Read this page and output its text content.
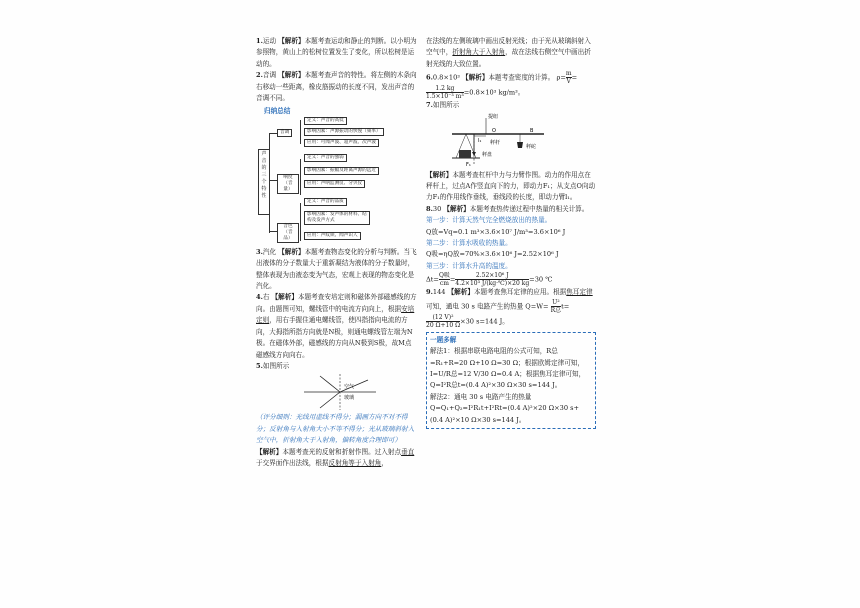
1.运动 【解析】本题考查运动和静止的判断。以小明为参照物，黄山上的松树位置发生了变化，所以松树是运动的。

2.音调 【解析】本题考查声音的特性。将左侧的木条向右移动一些距离，橡皮筋振动的长度不同，发出声音的音调不同。

归纳总结
声音的三个特性
音调
定义：声音的高低
影响因素：声源振动的快慢（频率）
应用：可闻声波、超声波、次声波
响度（音量）
定义：声音的强弱
影响因素：振幅及距离声源的远近
应用：声呐监测仪、分贝仪
音色（音品）
定义：声音的品质
影响因素：发声体的材料、结构及发声方式
应用：声纹锁、闻声识人

3.汽化 【解析】本题考查物态变化的分析与判断。当飞出液体的分子数量大于重新凝结为液体的分子数量时，整体表现为由液态变为气态，宏观上表现的物态变化是汽化。

4.右 【解析】本题考查安培定则和磁体外部磁感线的方向。由题图可知，螺线管中的电流方向向上，根据安培定则，用右手握住通电螺线管，使四指指向电流的方向，大拇指所指方向就是N极，则通电螺线管左端为N极。在磁体外部，磁感线的方向从N极到S极，故M点磁感线方向向右。

5.如图所示

空气
玻璃

（评分细则：光线用虚线不得分；漏画方向不对不得分；反射角与入射角大小不等不得分；光从玻璃斜射入空气中，折射角大于入射角，偏转角度合理即可）

【解析】本题考查光的反射和折射作图。过入射点垂直于交界面作出法线，根据反射角等于入射角，

在法线的左侧玻璃中画出反射光线；由于光从玻璃斜射入空气中，折射角大于入射角，故在法线右侧空气中画出折射光线的大致位置。

6.0.8×10³ 【解析】本题考查密度的计算。 $\rho= \frac{m}{V}$ =
$\frac{1.2 kg}{\text{1.5×10⁻³ m³}} =0.8\times 10^3$ kg/m³。

7.如图所示

提纽
O	B
秤杆
秤砣
秤盘
F₁
l₁

【解析】本题考查杠杆中力与力臂作图。动力的作用点在秤杆上，过点A作竖直向下的力，即动力F₁；从支点O向动力F₁的作用线作垂线，垂线段的长度，即动力臂l₁。

8.30 【解析】本题考查热传递过程中热量的相关计算。

第一步：计算天然气完全燃烧放出的热量。

Q放=Vq=0.1 m³×3.6×10⁷ J/m³=3.6×10⁶ J

第二步：计算水吸收的热量。

Q吸=ηQ放=70%×3.6×10⁶ J=2.52×10⁶ J

第三步：计算水升高的温度。

$\Delta t= \frac{\text{Q吸}}{cm} = \frac{\text{2.52×10⁶ J}}{\text{4.2×10³ J/(kg·℃)×20 kg}} =30$ ℃

9.144 【解析】本题考查焦耳定律的应用。根据焦耳定律可知，通电 30 s 电路产生的热量 $Q=W= \frac{\text{U²}}{\text{R总}} t=$
$\frac{\text{(12 V)²}}{20 \Omega+10 \Omega} \times 30$ s=144 J。

一题多解

解法1：根据串联电路电阻的公式可知，R总=R₁+R=20 Ω+10 Ω=30 Ω；根据欧姆定律可知，I=U/R总=12 V/30 Ω=0.4 A；根据焦耳定律可知，Q=I²R总t=(0.4 A)²×30 Ω×30 s=144 J。

解法2：通电 30 s 电路产生的热量 Q=Q₁+Q₂=I²R₁t+I²Rt=(0.4 A)²×20 Ω×30 s+(0.4 A)²×10 Ω×30 s=144 J。
